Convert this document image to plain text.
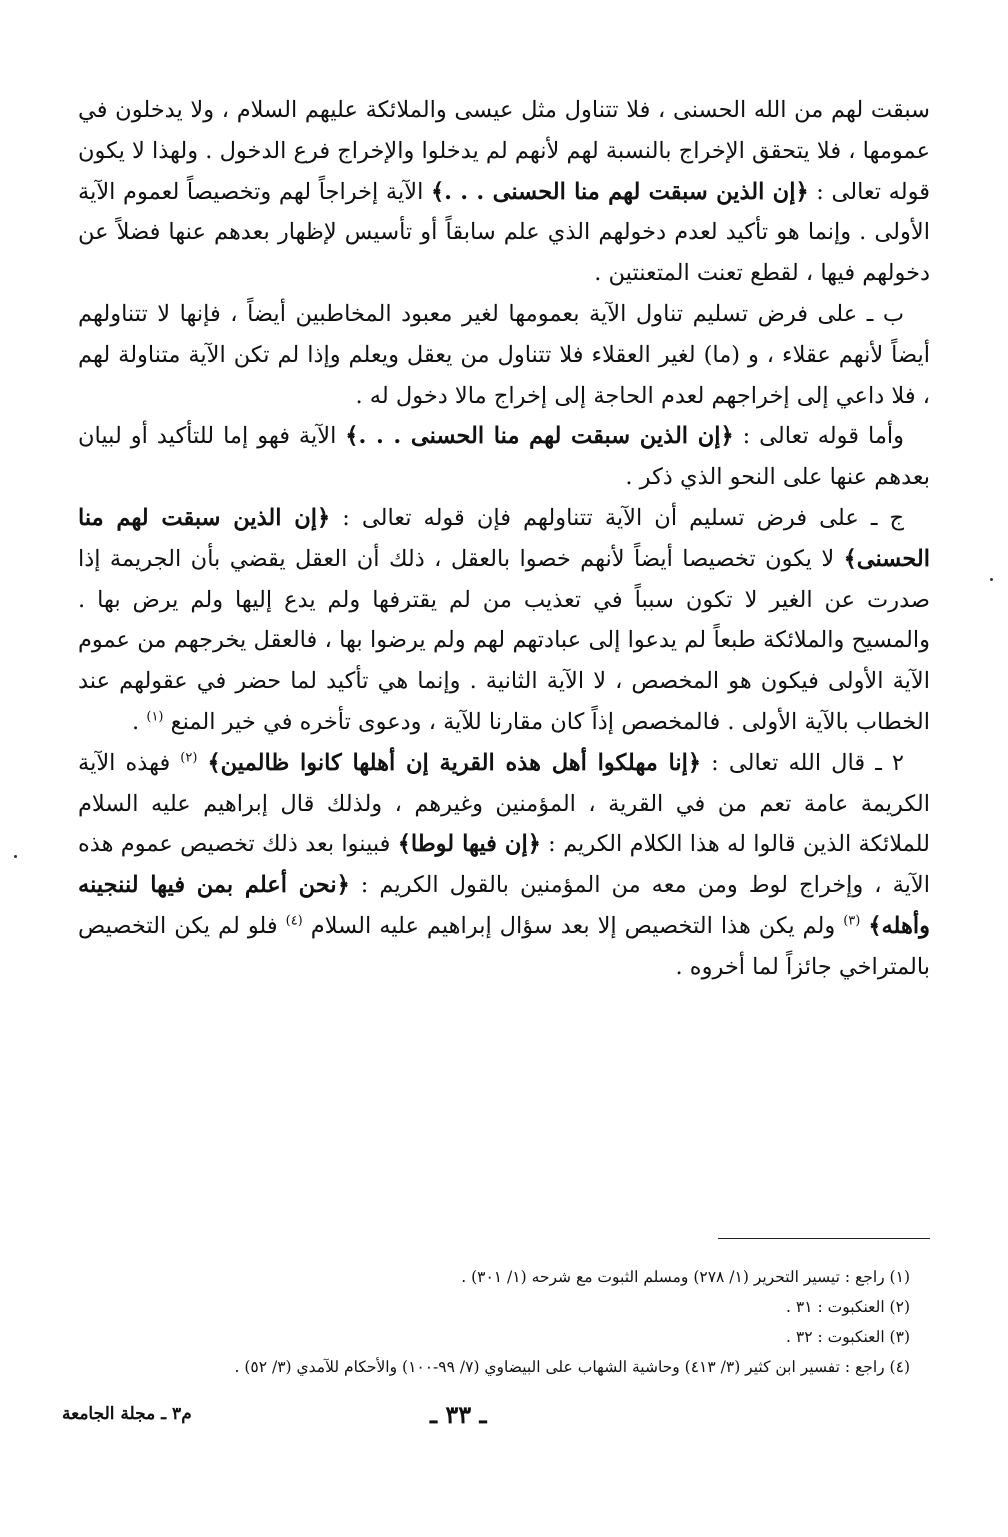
سبقت لهم من الله الحسنى ، فلا تتناول مثل عيسى والملائكة عليهم السلام ، ولا يدخلون في عمومها ، فلا يتحقق الإخراج بالنسبة لهم لأنهم لم يدخلوا والإخراج فرع الدخول . ولهذا لا يكون قوله تعالى : ﴿إن الذين سبقت لهم منا الحسنى . . .﴾ الآية إخراجاً لهم وتخصيصاً لعموم الآية الأولى . وإنما هو تأكيد لعدم دخولهم الذي علم سابقاً أو تأسيس لإظهار بعدهم عنها فضلاً عن دخولهم فيها ، لقطع تعنت المتعنتين .

ب ـ على فرض تسليم تناول الآية بعمومها لغير معبود المخاطبين أيضاً ، فإنها لا تتناولهم أيضاً لأنهم عقلاء ، و (ما) لغير العقلاء فلا تتناول من يعقل ويعلم وإذا لم تكن الآية متناولة لهم ، فلا داعي إلى إخراجهم لعدم الحاجة إلى إخراج مالا دخول له .

وأما قوله تعالى : ﴿إن الذين سبقت لهم منا الحسنى . . .﴾ الآية فهو إما للتأكيد أو لبيان بعدهم عنها على النحو الذي ذكر .

ج ـ على فرض تسليم أن الآية تتناولهم فإن قوله تعالى : ﴿إن الذين سبقت لهم منا الحسنى﴾ لا يكون تخصيصا أيضاً لأنهم خصوا بالعقل ، ذلك أن العقل يقضي بأن الجريمة إذا صدرت عن الغير لا تكون سبباً في تعذيب من لم يقترفها ولم يدع إليها ولم يرض بها . والمسيح والملائكة طبعاً لم يدعوا إلى عبادتهم لهم ولم يرضوا بها ، فالعقل يخرجهم من عموم الآية الأولى فيكون هو المخصص ، لا الآية الثانية . وإنما هي تأكيد لما حضر في عقولهم عند الخطاب بالآية الأولى . فالمخصص إذاً كان مقارنا للآية ، ودعوى تأخره في خير المنع $^{(١)}$ .

٢ ـ قال الله تعالى : ﴿إنا مهلكوا أهل هذه القرية إن أهلها كانوا ظالمين﴾ $^{(٢)}$ فهذه الآية الكريمة عامة تعم من في القرية ، المؤمنين وغيرهم ، ولذلك قال إبراهيم عليه السلام للملائكة الذين قالوا له هذا الكلام الكريم : ﴿إن فيها لوطا﴾ فبينوا بعد ذلك تخصيص عموم هذه الآية ، وإخراج لوط ومن معه من المؤمنين بالقول الكريم : ﴿نحن أعلم بمن فيها لننجينه وأهله﴾ $^{(٣)}$ ولم يكن هذا التخصيص إلا بعد سؤال إبراهيم عليه السلام $^{(٤)}$ فلو لم يكن التخصيص بالمتراخي جائزاً لما أخروه .

(١) راجع : تيسير التحرير (١/ ٢٧٨) ومسلم الثبوت مع شرحه (١/ ٣٠١) .
(٢) العنكبوت : ٣١ .
(٣) العنكبوت : ٣٢ .
(٤) راجع : تفسير ابن كثير (٣/ ٤١٣) وحاشية الشهاب على البيضاوي (٧/ ٩٩-١٠٠) والأحكام للآمدي (٣/ ٥٢) .
ـ ٣٣ ـ
م٣ ـ مجلة الجامعة
